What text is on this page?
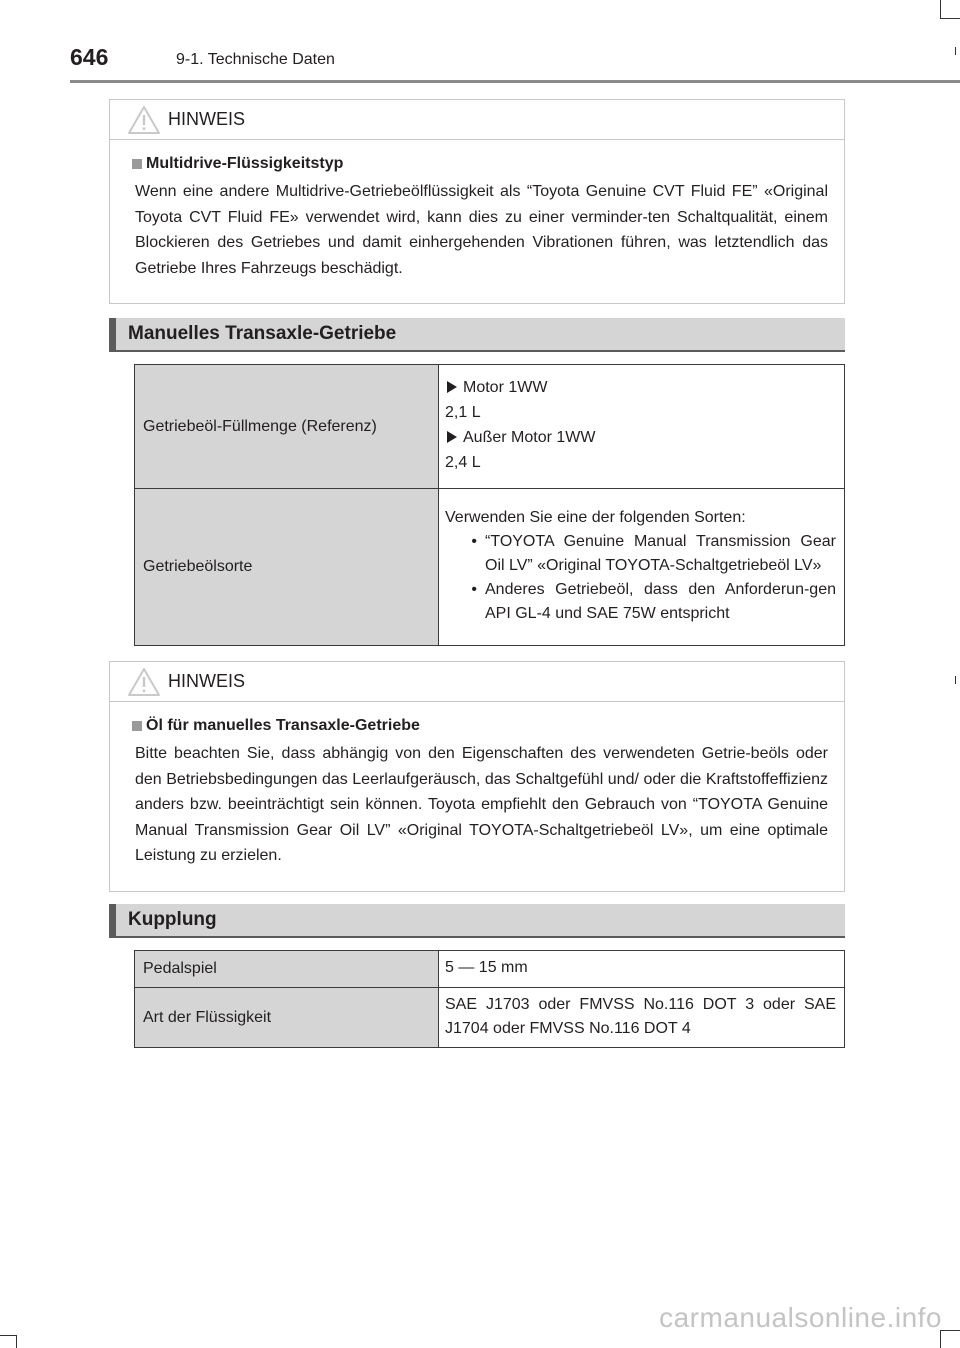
646	9-1. Technische Daten
HINWEIS
Multidrive-Flüssigkeitstyp

Wenn eine andere Multidrive-Getriebeölflüssigkeit als “Toyota Genuine CVT Fluid FE” «Original Toyota CVT Fluid FE» verwendet wird, kann dies zu einer verminder-ten Schaltqualität, einem Blockieren des Getriebes und damit einhergehenden Vibrationen führen, was letztendlich das Getriebe Ihres Fahrzeugs beschädigt.

Manuelles Transaxle-Getriebe
Getriebeöl-Füllmenge (Referenz)	Motor 1WW
2,1 L
Außer Motor 1WW
2,4 L

Getriebeölsorte	Verwenden Sie eine der folgenden Sorten:
• “TOYOTA Genuine Manual Transmission Gear Oil LV” «Original TOYOTA-Schaltgetriebeöl LV»
• Anderes Getriebeöl, dass den Anforderun-gen API GL-4 und SAE 75W entspricht
HINWEIS
Öl für manuelles Transaxle-Getriebe

Bitte beachten Sie, dass abhängig von den Eigenschaften des verwendeten Getrie-beöls oder den Betriebsbedingungen das Leerlaufgeräusch, das Schaltgefühl und/ oder die Kraftstoffeffizienz anders bzw. beeinträchtigt sein können. Toyota empfiehlt den Gebrauch von “TOYOTA Genuine Manual Transmission Gear Oil LV” «Original TOYOTA-Schaltgetriebeöl LV», um eine optimale Leistung zu erzielen.

Kupplung
Pedalspiel	5 — 15 mm
Art der Flüssigkeit	SAE J1703 oder FMVSS No.116 DOT 3 oder SAE J1704 oder FMVSS No.116 DOT 4
carmanualsonline.info
